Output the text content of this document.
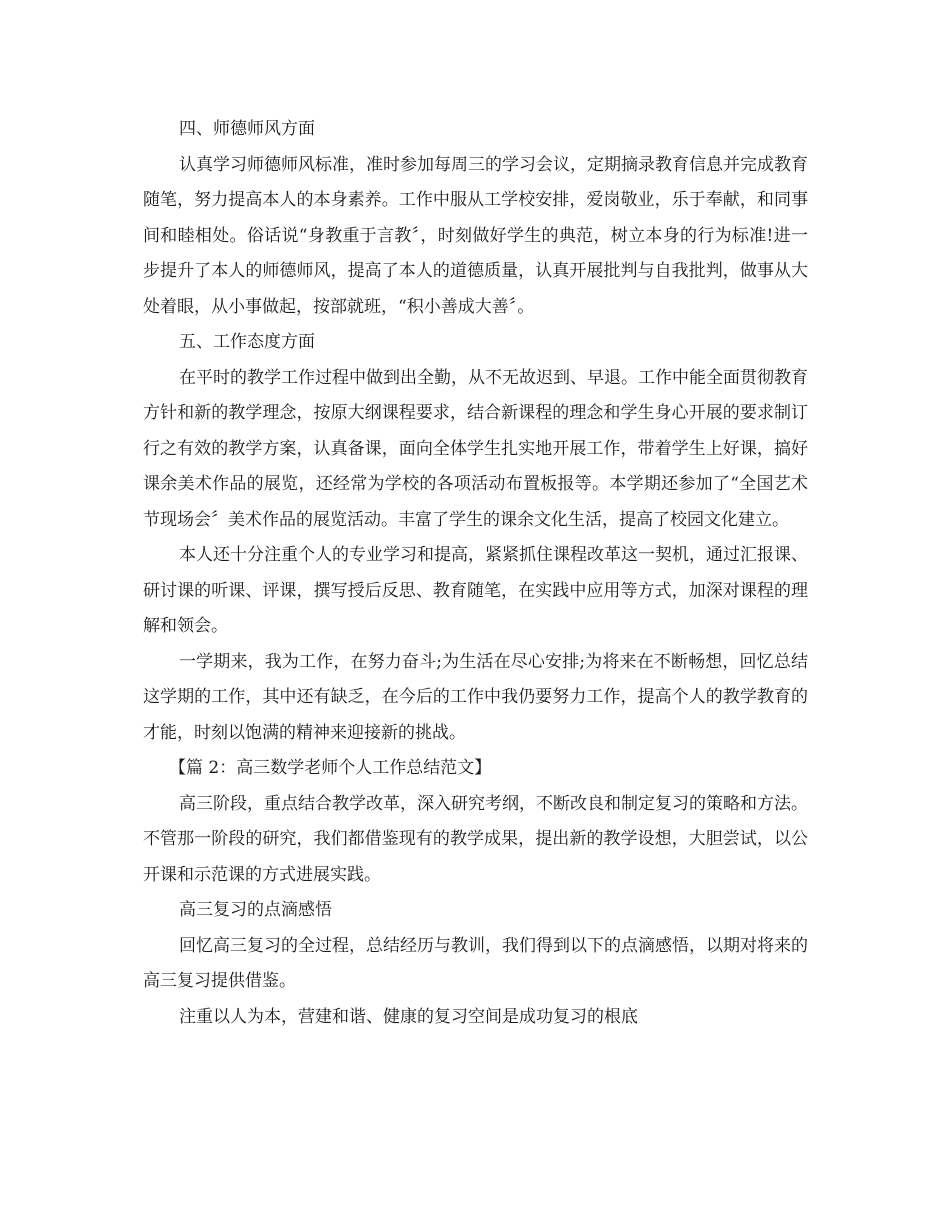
四、师德师风方面

认真学习师德师风标准，准时参加每周三的学习会议，定期摘录教育信息并完成教育随笔，努力提高本人的本身素养。工作中服从工学校安排，爱岗敬业，乐于奉献，和同事间和睦相处。俗话说“身教重于言教〞，时刻做好学生的典范，树立本身的行为标准!进一步提升了本人的师德师风，提高了本人的道德质量，认真开展批判与自我批判，做事从大处着眼，从小事做起，按部就班，“积小善成大善〞。

五、工作态度方面

在平时的教学工作过程中做到出全勤，从不无故迟到、早退。工作中能全面贯彻教育方针和新的教学理念，按原大纲课程要求，结合新课程的理念和学生身心开展的要求制订行之有效的教学方案，认真备课，面向全体学生扎实地开展工作，带着学生上好课，搞好课余美术作品的展览，还经常为学校的各项活动布置板报等。本学期还参加了“全国艺术节现场会〞美术作品的展览活动。丰富了学生的课余文化生活，提高了校园文化建立。

本人还十分注重个人的专业学习和提高，紧紧抓住课程改革这一契机，通过汇报课、研讨课的听课、评课，撰写授后反思、教育随笔，在实践中应用等方式，加深对课程的理解和领会。

一学期来，我为工作，在努力奋斗;为生活在尽心安排;为将来在不断畅想，回忆总结这学期的工作，其中还有缺乏，在今后的工作中我仍要努力工作，提高个人的教学教育的才能，时刻以饱满的精神来迎接新的挑战。

【篇 2：高三数学老师个人工作总结范文】

高三阶段，重点结合教学改革，深入研究考纲，不断改良和制定复习的策略和方法。不管那一阶段的研究，我们都借鉴现有的教学成果，提出新的教学设想，大胆尝试，以公开课和示范课的方式进展实践。

高三复习的点滴感悟

回忆高三复习的全过程，总结经历与教训，我们得到以下的点滴感悟，以期对将来的高三复习提供借鉴。

注重以人为本，营建和谐、健康的复习空间是成功复习的根底
